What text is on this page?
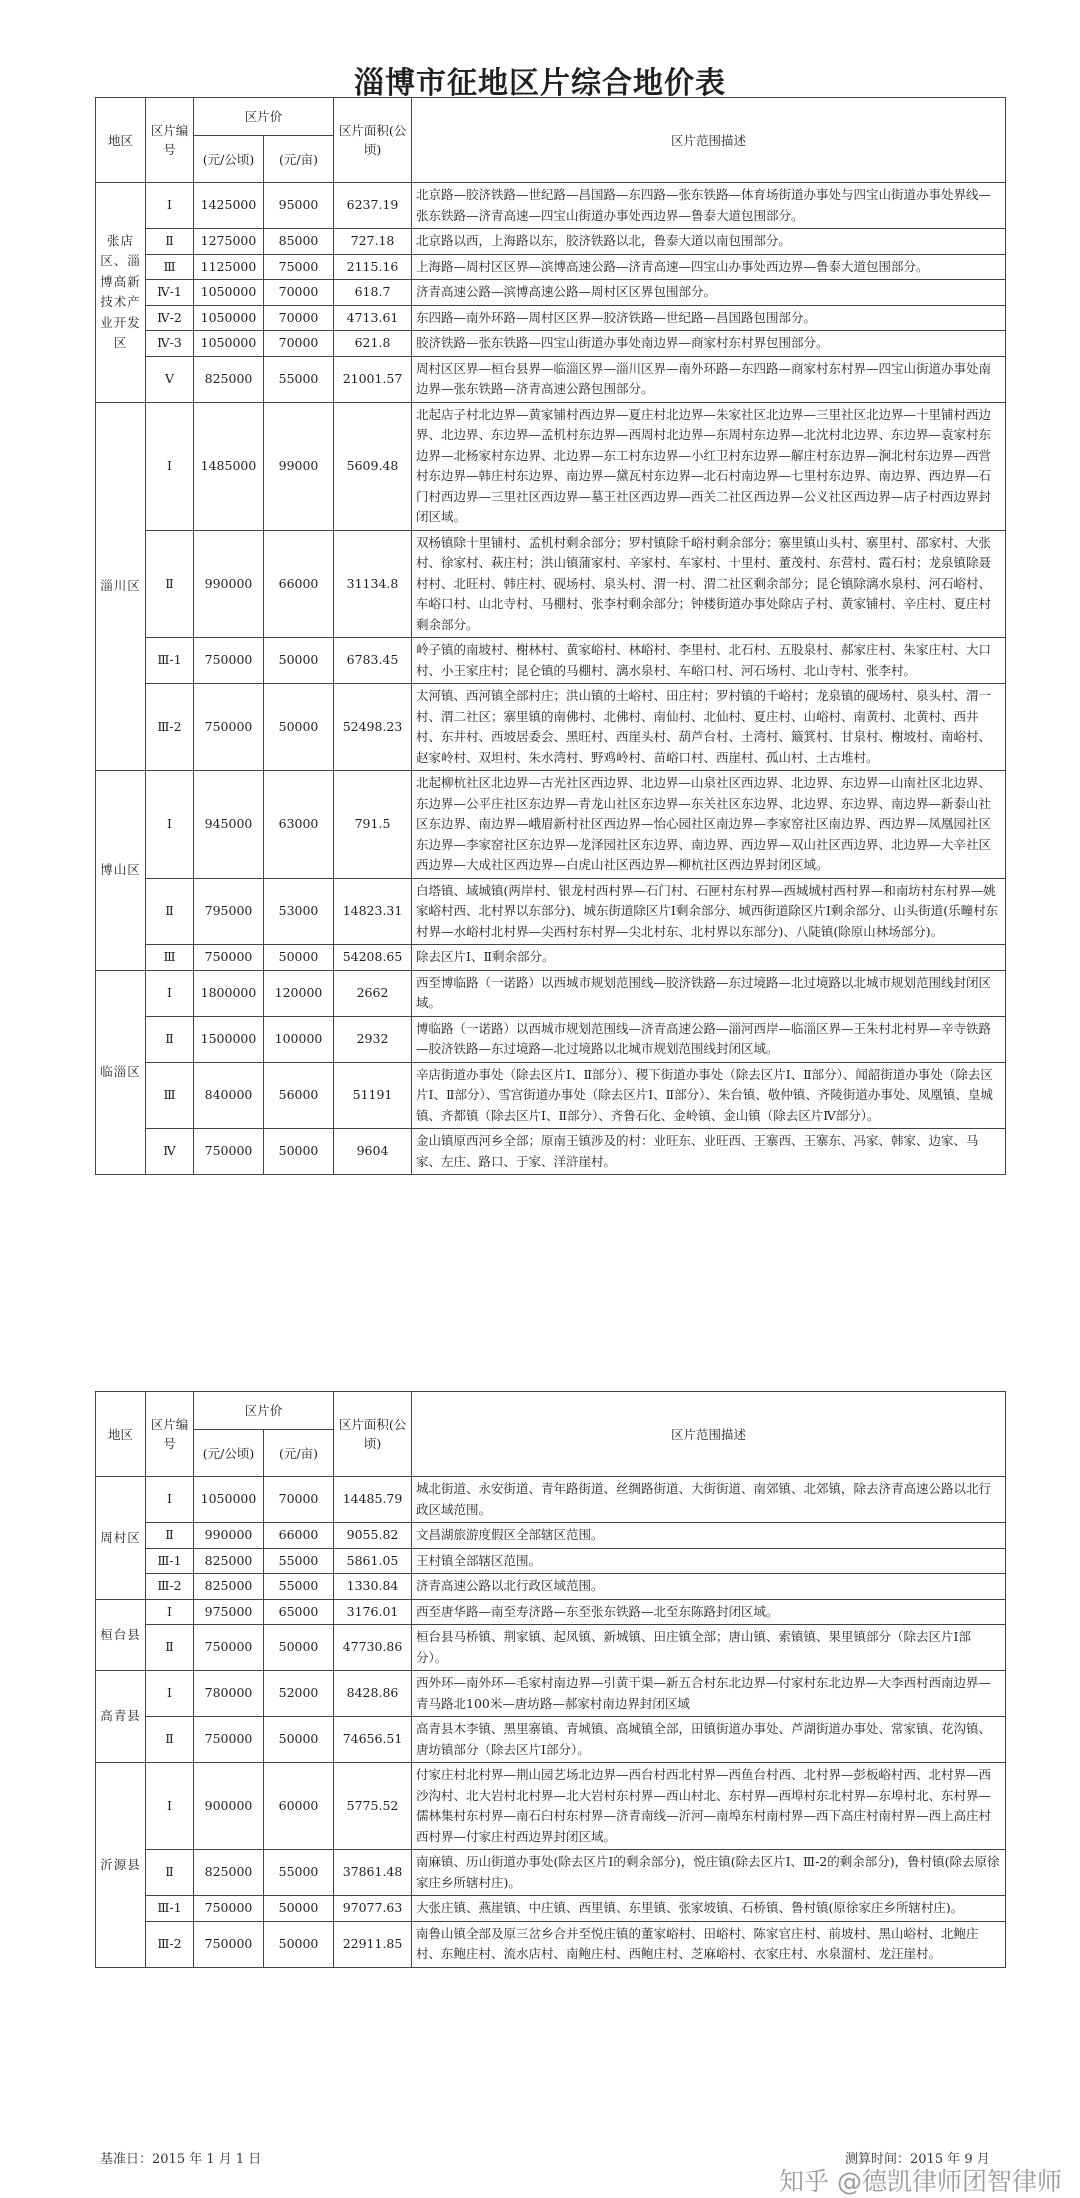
淄博市征地区片综合地价表
地区	区片编号	区片价		区片面积(公顷)	区片范围描述
		(元/公顷)	(元/亩)		
张店区、淄博高新技术产业开发区	Ⅰ	1425000	95000	6237.19	北京路—胶济铁路—世纪路—昌国路—东四路—张东铁路—体育场街道办事处与四宝山街道办事处界线—张东铁路—济青高速—四宝山街道办事处西边界—鲁泰大道包围部分。
	Ⅱ	1275000	85000	727.18	北京路以西，上海路以东，胶济铁路以北，鲁泰大道以南包围部分。
	Ⅲ	1125000	75000	2115.16	上海路—周村区区界—滨博高速公路—济青高速—四宝山办事处西边界—鲁泰大道包围部分。
	Ⅳ-1	1050000	70000	618.7	济青高速公路—滨博高速公路—周村区区界包围部分。
	Ⅳ-2	1050000	70000	4713.61	东四路—南外环路—周村区区界—胶济铁路—世纪路—昌国路包围部分。
	Ⅳ-3	1050000	70000	621.8	胶济铁路—张东铁路—四宝山街道办事处南边界—商家村东村界包围部分。
	Ⅴ	825000	55000	21001.57	周村区区界—桓台县界—临淄区界—淄川区界—南外环路—东四路—商家村东村界—四宝山街道办事处南边界—张东铁路—济青高速公路包围部分。
淄川区	Ⅰ	1485000	99000	5609.48	北起店子村北边界—黄家铺村西边界—夏庄村北边界—朱家社区北边界—三里社区北边界—十里铺村西边界、北边界、东边界—孟机村东边界—西周村北边界—东周村东边界—北沈村北边界、东边界—袁家村东边界—北杨家村东边界、北边界—东工村东边界—小红卫村东边界—解庄村东边界—涧北村东边界—西営村东边界—韩庄村东边界、南边界—黛瓦村东边界—北石村南边界—七里村东边界、南边界、西边界—石门村西边界—三里社区西边界—墓王社区西边界—西关二社区西边界—公义社区西边界—店子村西边界封闭区域。
	Ⅱ	990000	66000	31134.8	双杨镇除十里铺村、孟机村剩余部分；罗村镇除千峪村剩余部分；寨里镇山头村、寨里村、邵家村、大张村、徐家村、萩庄村；洪山镇蒲家村、辛家村、车家村、十里村、董茂村、东营村、霞石村；龙泉镇除聂村村、北旺村、韩庄村、砚场村、泉头村、渭一村、渭二社区剩余部分；昆仑镇除漓水泉村、河石峪村、车峪口村、山北寺村、马棚村、张李村剩余部分；钟楼街道办事处除店子村、黄家铺村、辛庄村、夏庄村剩余部分。
	Ⅲ-1	750000	50000	6783.45	岭子镇的南坡村、榭林村、黄家峪村、林峪村、李里村、北石村、五股泉村、郝家庄村、朱家庄村、大口村、小王家庄村；昆仑镇的马棚村、漓水泉村、车峪口村、河石场村、北山寺村、张李村。
	Ⅲ-2	750000	50000	52498.23	太河镇、西河镇全部村庄；洪山镇的土峪村、田庄村；罗村镇的千峪村；龙泉镇的砚场村、泉头村、渭一村、渭二社区；寨里镇的南佛村、北佛村、南仙村、北仙村、夏庄村、山峪村、南黄村、北黄村、西井村、东井村、西坡居委会、黑旺村、西崖头村、葫芦台村、土湾村、簸箕村、甘泉村、榭坡村、南峪村、赵家岭村、双坦村、朱水湾村、野鸡岭村、苗峪口村、西崖村、孤山村、土古堆村。
博山区	Ⅰ	945000	63000	791.5	北起柳杭社区北边界—古光社区西边界、北边界—山泉社区西边界、北边界、东边界—山南社区北边界、东边界—公平庄社区东边界—青龙山社区东边界—东关社区东边界、北边界、东边界、南边界—新泰山社区东边界、南边界—峨眉新村社区西边界—怡心园社区南边界—李家窑社区南边界、西边界—凤凰园社区东边界—李家窑社区东边界—龙泽园社区东边界、南边界、西边界—双山社区西边界、北边界—大辛社区西边界—大成社区西边界—白虎山社区西边界—柳杭社区西边界封闭区域。
	Ⅱ	795000	53000	14823.31	白塔镇、域城镇(两岸村、银龙村西村界—石门村、石匣村东村界—西城城村西村界—和南坊村东村界—姚家峪村西、北村界以东部分)、城东街道除区片Ⅰ剩余部分、城西街道除区片Ⅰ剩余部分、山头街道(乐疃村东村界—水峪村北村界—尖西村东村界—尖北村东、北村界以东部分)、八陡镇(除原山林场部分)。
	Ⅲ	750000	50000	54208.65	除去区片Ⅰ、Ⅱ剩余部分。
临淄区	Ⅰ	1800000	120000	2662	西至博临路（一诺路）以西城市规划范围线—胶济铁路—东过境路—北过境路以北城市规划范围线封闭区域。
	Ⅱ	1500000	100000	2932	博临路（一诺路）以西城市规划范围线—济青高速公路—淄河西岸—临淄区界—王朱村北村界—辛寺铁路—胶济铁路—东过境路—北过境路以北城市规划范围线封闭区域。
	Ⅲ	840000	56000	51191	辛店街道办事处（除去区片Ⅰ、Ⅱ部分）、稷下街道办事处（除去区片Ⅰ、Ⅱ部分）、闻韶街道办事处（除去区片Ⅰ、Ⅱ部分）、雪宫街道办事处（除去区片Ⅰ、Ⅱ部分）、朱台镇、敬仲镇、齐陵街道办事处、凤凰镇、皇城镇、齐都镇（除去区片Ⅰ、Ⅱ部分）、齐鲁石化、金岭镇、金山镇（除去区片Ⅳ部分）。
	Ⅳ	750000	50000	9604	金山镇原西河乡全部；原南王镇涉及的村：业旺东、业旺西、王寨西、王寨东、冯家、韩家、边家、马家、左庄、路口、于家、洋浒崖村。
地区	区片编号	区片价		区片面积(公顷)	区片范围描述
		(元/公顷)	(元/亩)		
周村区	Ⅰ	1050000	70000	14485.79	城北街道、永安街道、青年路街道、丝绸路街道、大街街道、南郊镇、北郊镇，除去济青高速公路以北行政区域范围。
	Ⅱ	990000	66000	9055.82	文昌湖旅游度假区全部辖区范围。
	Ⅲ-1	825000	55000	5861.05	王村镇全部辖区范围。
	Ⅲ-2	825000	55000	1330.84	济青高速公路以北行政区域范围。
桓台县	Ⅰ	975000	65000	3176.01	西至唐华路—南至寿济路—东至张东铁路—北至东陈路封闭区域。
	Ⅱ	750000	50000	47730.86	桓台县马桥镇、荆家镇、起凤镇、新城镇、田庄镇全部；唐山镇、索镇镇、果里镇部分（除去区片Ⅰ部分）。
高青县	Ⅰ	780000	52000	8428.86	西外环—南外环—毛家村南边界—引黄干渠—新五合村东北边界—付家村东北边界—大李西村西南边界—青马路北100米—唐坊路—郝家村南边界封闭区域
	Ⅱ	750000	50000	74656.51	高青县木李镇、黑里寨镇、青城镇、高城镇全部，田镇街道办事处、芦湖街道办事处、常家镇、花沟镇、唐坊镇部分（除去区片Ⅰ部分）。
沂源县	Ⅰ	900000	60000	5775.52	付家庄村北村界—荆山园艺场北边界—西台村西北村界—西鱼台村西、北村界—彭板峪村西、北村界—西沙沟村、北大岩村北村界—北大岩村东村界—西山村北、东村界—西埠村东北村界—东埠村北、东村界—儒林集村东村界—南石臼村东村界—济青南线—沂河—南埠东村南村界—西下高庄村南村界—西上高庄村西村界—付家庄村西边界封闭区域。
	Ⅱ	825000	55000	37861.48	南麻镇、历山街道办事处(除去区片Ⅰ的剩余部分)，悦庄镇(除去区片Ⅰ、Ⅲ-2的剩余部分)，鲁村镇(除去原徐家庄乡所辖村庄)。
	Ⅲ-1	750000	50000	97077.63	大张庄镇、燕崖镇、中庄镇、西里镇、东里镇、张家坡镇、石桥镇、鲁村镇(原徐家庄乡所辖村庄)。
	Ⅲ-2	750000	50000	22911.85	南鲁山镇全部及原三岔乡合并至悦庄镇的董家峪村、田峪村、陈家官庄村、前坡村、黑山峪村、北鲍庄村、东鲍庄村、流水店村、南鲍庄村、西鲍庄村、芝麻峪村、衣家庄村、水泉溜村、龙汪崖村。
基准日：2015 年 1 月 1 日	测算时间：2015 年 9 月
知乎 @德凯律师团智律师
